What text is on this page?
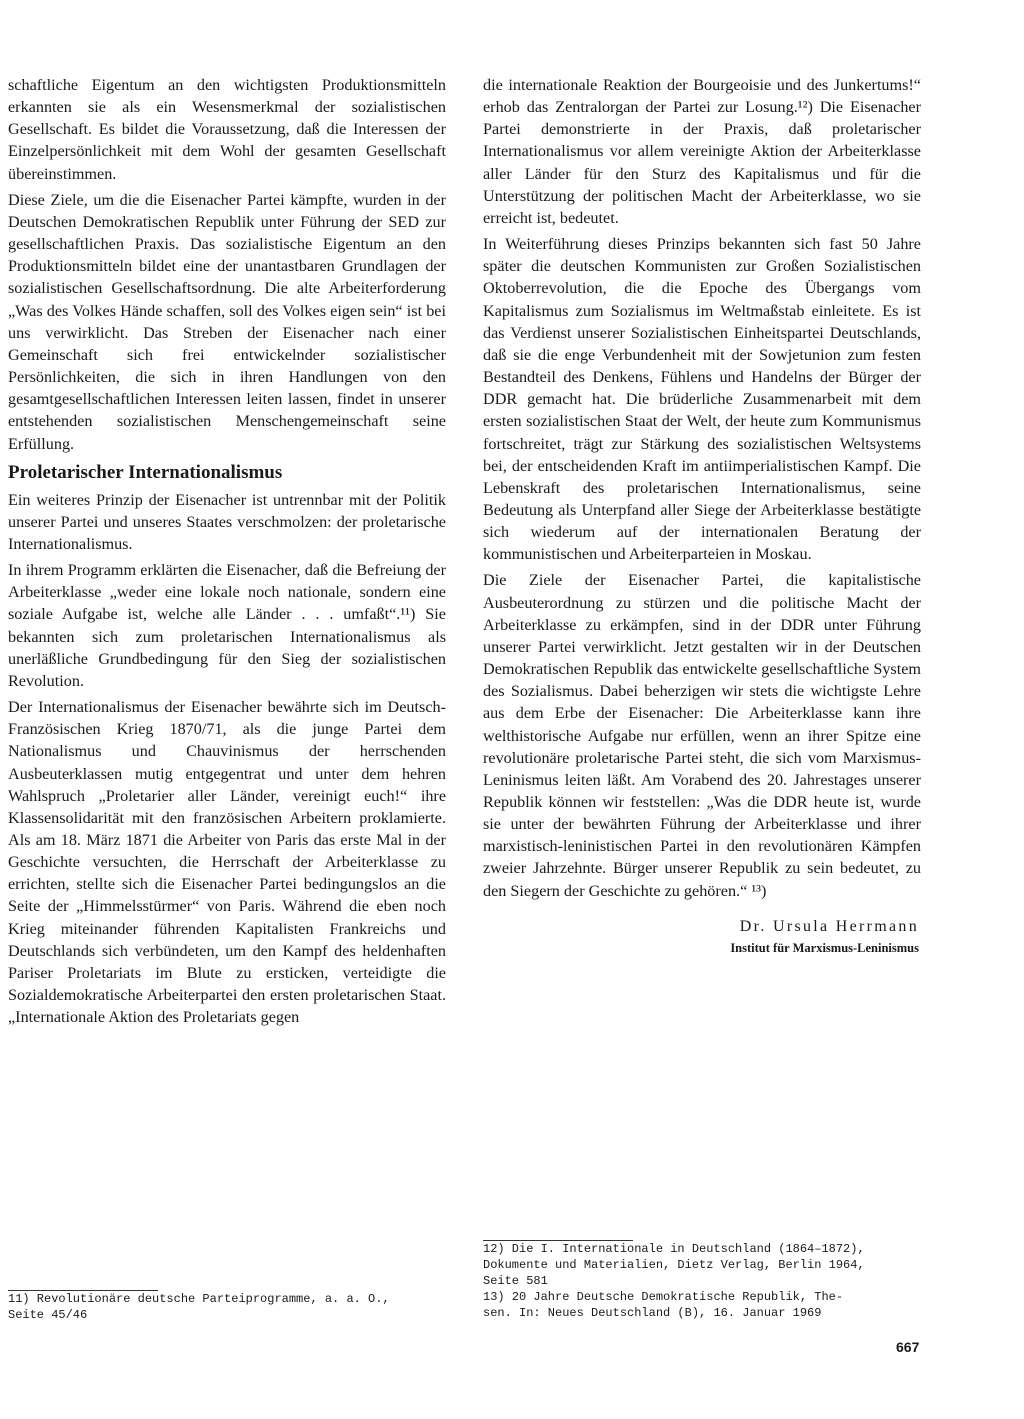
schaftliche Eigentum an den wichtigsten Produktionsmitteln erkannten sie als ein Wesensmerkmal der sozialistischen Gesellschaft. Es bildet die Voraussetzung, daß die Interessen der Einzelpersönlichkeit mit dem Wohl der gesamten Gesellschaft übereinstimmen.

Diese Ziele, um die die Eisenacher Partei kämpfte, wurden in der Deutschen Demokratischen Republik unter Führung der SED zur gesellschaftlichen Praxis. Das sozialistische Eigentum an den Produktionsmitteln bildet eine der unantastbaren Grundlagen der sozialistischen Gesellschaftsordnung. Die alte Arbeiterforderung „Was des Volkes Hände schaffen, soll des Volkes eigen sein“ ist bei uns verwirklicht. Das Streben der Eisenacher nach einer Gemeinschaft sich frei entwickelnder sozialistischer Persönlichkeiten, die sich in ihren Handlungen von den gesamtgesellschaftlichen Interessen leiten lassen, findet in unserer entstehenden sozialistischen Menschengemeinschaft seine Erfüllung.

Proletarischer Internationalismus

Ein weiteres Prinzip der Eisenacher ist untrennbar mit der Politik unserer Partei und unseres Staates verschmolzen: der proletarische Internationalismus.

In ihrem Programm erklärten die Eisenacher, daß die Befreiung der Arbeiterklasse „weder eine lokale noch nationale, sondern eine soziale Aufgabe ist, welche alle Länder . . . umfaßt“.¹¹) Sie bekannten sich zum proletarischen Internationalismus als unerläßliche Grundbedingung für den Sieg der sozialistischen Revolution.

Der Internationalismus der Eisenacher bewährte sich im Deutsch-Französischen Krieg 1870/71, als die junge Partei dem Nationalismus und Chauvinismus der herrschenden Ausbeuterklassen mutig entgegentrat und unter dem hehren Wahlspruch „Proletarier aller Länder, vereinigt euch!“ ihre Klassensolidarität mit den französischen Arbeitern proklamierte. Als am 18. März 1871 die Arbeiter von Paris das erste Mal in der Geschichte versuchten, die Herrschaft der Arbeiterklasse zu errichten, stellte sich die Eisenacher Partei bedingungslos an die Seite der „Himmelsstürmer“ von Paris. Während die eben noch Krieg miteinander führenden Kapitalisten Frankreichs und Deutschlands sich verbündeten, um den Kampf des heldenhaften Pariser Proletariats im Blute zu ersticken, verteidigte die Sozialdemokratische Arbeiterpartei den ersten proletarischen Staat. „Internationale Aktion des Proletariats gegen

die internationale Reaktion der Bourgeoisie und des Junkertums!“ erhob das Zentralorgan der Partei zur Losung.¹²) Die Eisenacher Partei demonstrierte in der Praxis, daß proletarischer Internationalismus vor allem vereinigte Aktion der Arbeiterklasse aller Länder für den Sturz des Kapitalismus und für die Unterstützung der politischen Macht der Arbeiterklasse, wo sie erreicht ist, bedeutet.

In Weiterführung dieses Prinzips bekannten sich fast 50 Jahre später die deutschen Kommunisten zur Großen Sozialistischen Oktoberrevolution, die die Epoche des Übergangs vom Kapitalismus zum Sozialismus im Weltmaßstab einleitete. Es ist das Verdienst unserer Sozialistischen Einheitspartei Deutschlands, daß sie die enge Verbundenheit mit der Sowjetunion zum festen Bestandteil des Denkens, Fühlens und Handelns der Bürger der DDR gemacht hat. Die brüderliche Zusammenarbeit mit dem ersten sozialistischen Staat der Welt, der heute zum Kommunismus fortschreitet, trägt zur Stärkung des sozialistischen Weltsystems bei, der entscheidenden Kraft im antiimperialistischen Kampf. Die Lebenskraft des proletarischen Internationalismus, seine Bedeutung als Unterpfand aller Siege der Arbeiterklasse bestätigte sich wiederum auf der internationalen Beratung der kommunistischen und Arbeiterparteien in Moskau.

Die Ziele der Eisenacher Partei, die kapitalistische Ausbeuterordnung zu stürzen und die politische Macht der Arbeiterklasse zu erkämpfen, sind in der DDR unter Führung unserer Partei verwirklicht. Jetzt gestalten wir in der Deutschen Demokratischen Republik das entwickelte gesellschaftliche System des Sozialismus. Dabei beherzigen wir stets die wichtigste Lehre aus dem Erbe der Eisenacher: Die Arbeiterklasse kann ihre welthistorische Aufgabe nur erfüllen, wenn an ihrer Spitze eine revolutionäre proletarische Partei steht, die sich vom Marxismus-Leninismus leiten läßt. Am Vorabend des 20. Jahrestages unserer Republik können wir feststellen: „Was die DDR heute ist, wurde sie unter der bewährten Führung der Arbeiterklasse und ihrer marxistisch-leninistischen Partei in den revolutionären Kämpfen zweier Jahrzehnte. Bürger unserer Republik zu sein bedeutet, zu den Siegern der Geschichte zu gehören.“ ¹³)

Dr. Ursula Herrmann
Institut für Marxismus-Leninismus
11) Revolutionäre deutsche Parteiprogramme, a. a. O.,
Seite 45/46
12) Die I. Internationale in Deutschland (1864–1872),
Dokumente und Materialien, Dietz Verlag, Berlin 1964,
Seite 581
13) 20 Jahre Deutsche Demokratische Republik, The-
sen. In: Neues Deutschland (B), 16. Januar 1969
667
